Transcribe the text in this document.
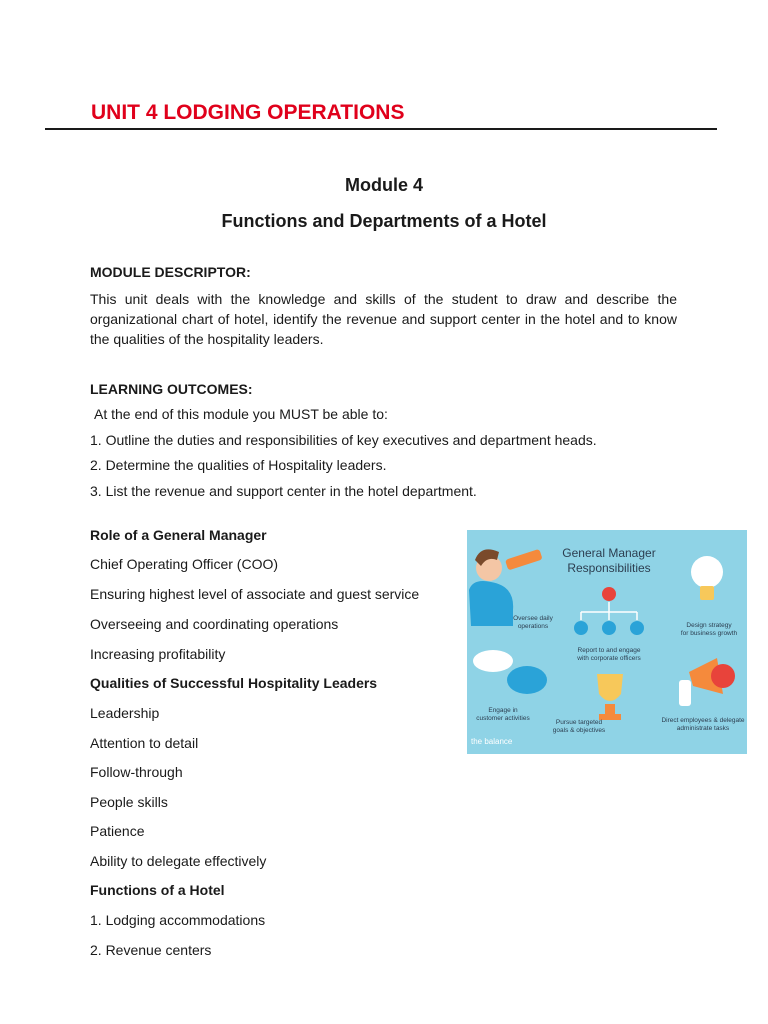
UNIT 4 LODGING OPERATIONS
Module 4
Functions and Departments of a Hotel
MODULE DESCRIPTOR:
This unit deals with the knowledge and skills of the student to draw and describe the organizational chart of hotel, identify the revenue and support center in the hotel and to know the qualities of the hospitality leaders.
LEARNING OUTCOMES:
At the end of this module you MUST be able to:
1. Outline the duties and responsibilities of key executives and department heads.
2. Determine the qualities of Hospitality leaders.
3. List the revenue and support center in the hotel department.
Role of a General Manager
Chief Operating Officer (COO)
Ensuring highest level of associate and guest service
Overseeing and coordinating operations
Increasing profitability
Qualities of Successful Hospitality Leaders
Leadership
Attention to detail
Follow-through
People skills
Patience
Ability to delegate effectively
Functions of a Hotel
1. Lodging accommodations
2. Revenue centers
General Manager
Responsibilities
Oversee daily
operations	Design strategy
for business growth
Report to and engage
with corporate officers
Engage in
customer activities
Pursue targeted
goals & objectives
Direct employees & delegate
administrate tasks
the balance
